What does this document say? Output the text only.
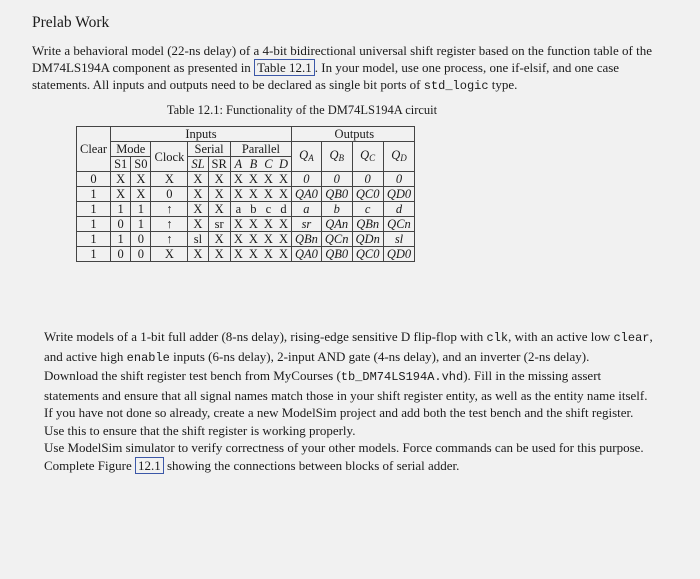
Prelab Work

Write a behavioral model (22-ns delay) of a 4-bit bidirectional universal shift register based on the function table of the DM74LS194A component as presented in Table 12.1 . In your model, use one process, one if-elsif, and one case statements. All inputs and outputs need to be declared as single bit ports of std_logic type.

Table 12.1: Functionality of the DM74LS194A circuit
Clear	Inputs									Outputs			
	Mode		Clock	Serial		Parallel				$Q_A$	$Q_B$	$Q_C$	$Q_D$
	S1	S0		SL	SR	A	B	C	D				
0	X	X	X	X	X	X	X	X	X	0	0	0	0
1	X	X	0	X	X	X	X	X	X	QA0	QB0	QC0	QD0
1	1	1	↑	X	X	a	b	c	d	a	b	c	d
1	0	1	↑	X	sr	X	X	X	X	sr	QAn	QBn	QCn
1	1	0	↑	sl	X	X	X	X	X	QBn	QCn	QDn	sl
1	0	0	X	X	X	X	X	X	X	QA0	QB0	QC0	QD0

Write models of a 1-bit full adder (8-ns delay), rising-edge sensitive D flip-flop with clk, with an active low clear, and active high enable inputs (6-ns delay), 2-input AND gate (4-ns delay), and an inverter (2-ns delay).

Download the shift register test bench from MyCourses (tb_DM74LS194A.vhd). Fill in the missing assert statements and ensure that all signal names match those in your shift register entity, as well as the entity name itself. If you have not done so already, create a new ModelSim project and add both the test bench and the shift register. Use this to ensure that the shift register is working properly.

Use ModelSim simulator to verify correctness of your other models. Force commands can be used for this purpose.

Complete Figure 12.1 showing the connections between blocks of serial adder.
